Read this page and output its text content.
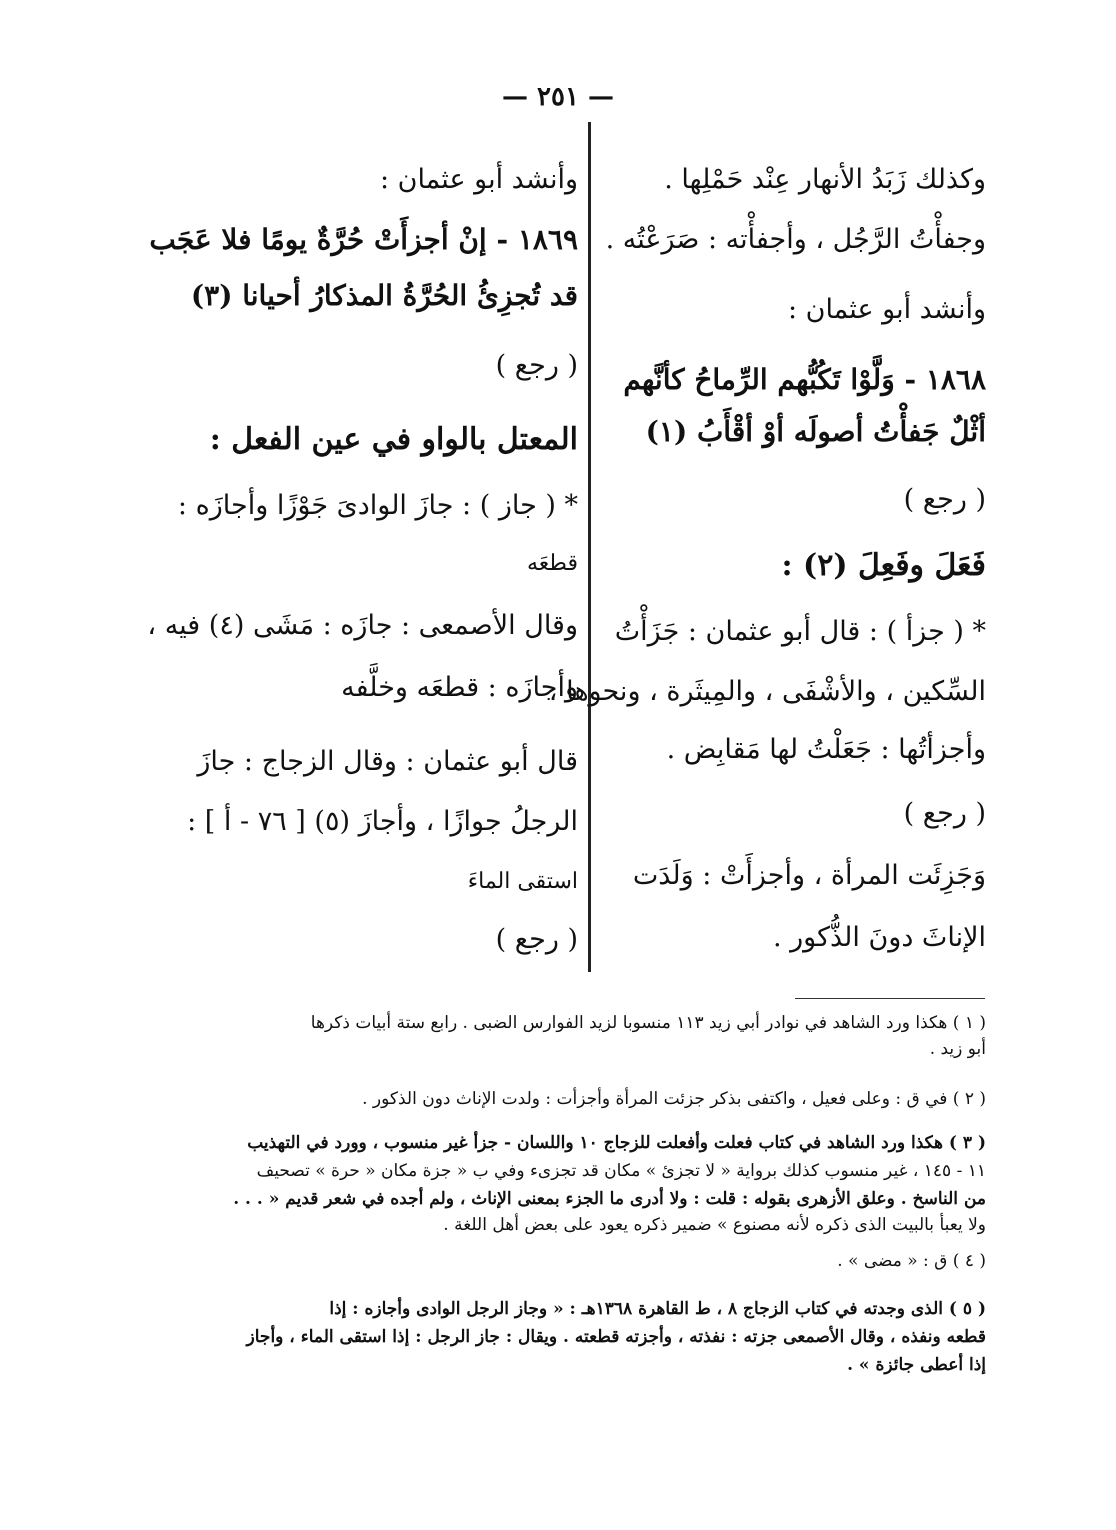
— ٢٥١ —
وكذلك زَبَدُ الأنهار عِنْد حَمْلِها .
وجفأْتُ الرَّجُل ، وأجفأْته : صَرَعْتُه .
وأنشد أبو عثمان :
١٨٦٨ - وَلَّوْا تَكُبُّهم الرِّماحُ كأنَّهم
أثْلٌ جَفأْتُ أصولَه أوْ أقْأَبُ (١)
( رجع )
فَعَلَ وفَعِلَ (٢) :
* ( جزأ ) : قال أبو عثمان : جَزَأْتُ
السِّكين ، والأشْفَى ، والمِيثَرة ، ونحوها ،
وأجزأتُها : جَعَلْتُ لها مَقابِض .
( رجع )
وَجَزِئَت المرأة ، وأجزأَتْ : وَلَدَت
الإناثَ دونَ الذُّكور .
وأنشد أبو عثمان :
١٨٦٩ - إنْ أجزأَتْ حُرَّةٌ يومًا فلا عَجَب
قد تُجزِئُ الحُرَّةُ المذكارُ أحيانا (٣)
( رجع )
المعتل بالواو في عين الفعل :
* ( جاز ) : جازَ الوادىَ جَوْزًا وأجازَه :
قطعَه
وقال الأصمعى : جازَه : مَشَى (٤) فيه ،
وأجازَه : قطعَه وخلَّفه
قال أبو عثمان : وقال الزجاج : جازَ
الرجلُ جوازًا ، وأجازَ (٥) [ ٧٦ - أ ] :
استقى الماءَ
( رجع )
( ١ ) هكذا ورد الشاهد في نوادر أبي زيد ١١٣ منسوبا لزيد الفوارس الضبى . رابع ستة أبيات ذكرها
أبو زيد .
( ٢ ) في ق : وعلى فعيل ، واكتفى بذكر جزئت المرأة وأجزأت : ولدت الإناث دون الذكور .
( ٣ ) هكذا ورد الشاهد في كتاب فعلت وأفعلت للزجاج ١٠ واللسان - جزأ غير منسوب ، وورد في التهذيب
١١ - ١٤٥ ، غير منسوب كذلك برواية « لا تجزئ » مكان قد تجزىء وفي ب « جزة مكان « حرة » تصحيف
من الناسخ . وعلق الأزهرى بقوله : قلت : ولا أدرى ما الجزء بمعنى الإناث ، ولم أجده في شعر قديم « . . .
ولا يعبأ بالبيت الذى ذكره لأنه مصنوع » ضمير ذكره يعود على بعض أهل اللغة .
( ٤ ) ق : « مضى » .
( ٥ ) الذى وجدته في كتاب الزجاج ٨ ، ط القاهرة ١٣٦٨هـ : « وجاز الرجل الوادى وأجازه : إذا
قطعه ونفذه ، وقال الأصمعى جزته : نفذته ، وأجزته قطعته . ويقال : جاز الرجل : إذا استقى الماء ، وأجاز
إذا أعطى جائزة » .
